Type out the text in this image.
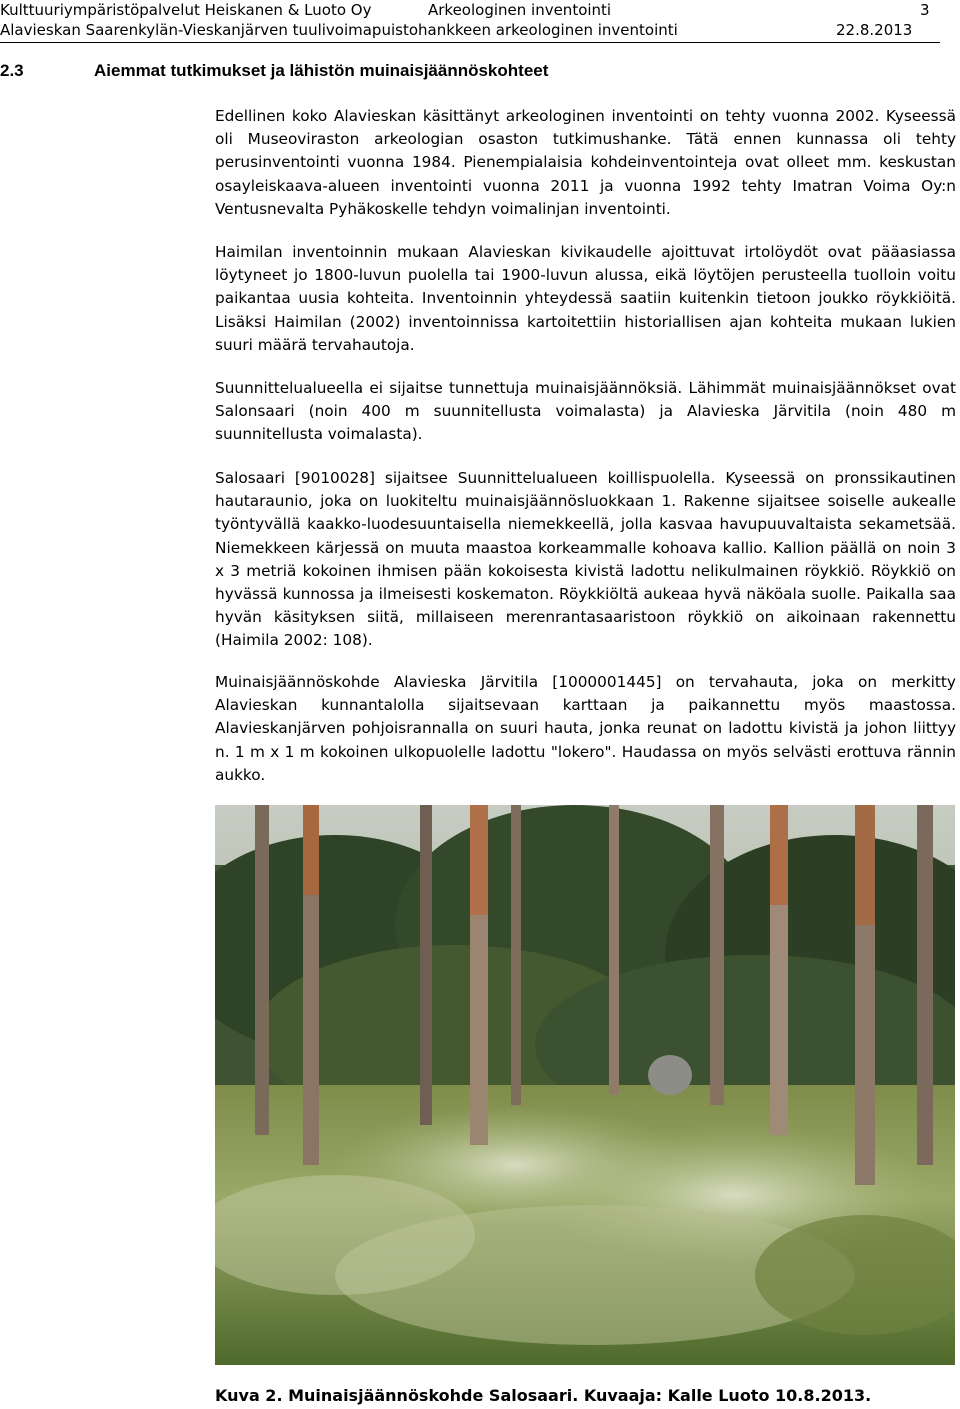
Kulttuuriympäristöpalvelut Heiskanen & Luoto Oy	Arkeologinen inventointi	3
Alavieskan Saarenkylän-Vieskanjärven tuulivoimapuistohankkeen arkeologinen inventointi	22.8.2013
2.3	Aiemmat tutkimukset ja lähistön muinaisjäännöskohteet

Edellinen koko Alavieskan käsittänyt arkeologinen inventointi on tehty vuonna 2002. Kyseessä oli Museoviraston arkeologian osaston tutkimushanke. Tätä ennen kunnassa oli tehty perusinventointi vuonna 1984. Pienempialaisia kohdeinventointeja ovat olleet mm. keskustan osayleiskaava-alueen inventointi vuonna 2011 ja vuonna 1992 tehty Imatran Voima Oy:n Ventusnevalta Pyhäkoskelle tehdyn voimalinjan inventointi.

Haimilan inventoinnin mukaan Alavieskan kivikaudelle ajoittuvat irtolöydöt ovat pääasiassa löytyneet jo 1800-luvun puolella tai 1900-luvun alussa, eikä löytöjen perusteella tuolloin voitu paikantaa uusia kohteita. Inventoinnin yhteydessä saatiin kuitenkin tietoon joukko röykkiöitä. Lisäksi Haimilan (2002) inventoinnissa kartoitettiin historiallisen ajan kohteita mukaan lukien suuri määrä tervahautoja.

Suunnittelualueella ei sijaitse tunnettuja muinaisjäännöksiä. Lähimmät muinaisjäännökset ovat Salonsaari (noin 400 m suunnitellusta voimalasta) ja Alavieska Järvitila (noin 480 m suunnitellusta voimalasta).

Salosaari [9010028] sijaitsee Suunnittelualueen koillispuolella. Kyseessä on pronssikautinen hautaraunio, joka on luokiteltu muinaisjäännösluokkaan 1. Rakenne sijaitsee soiselle aukealle työntyvällä kaakko-luodesuuntaisella niemekkeellä, jolla kasvaa havupuuvaltaista sekametsää. Niemekkeen kärjessä on muuta maastoa korkeammalle kohoava kallio. Kallion päällä on noin 3 x 3 metriä kokoinen ihmisen pään kokoisesta kivistä ladottu nelikulmainen röykkiö. Röykkiö on hyvässä kunnossa ja ilmeisesti koskematon. Röykkiöltä aukeaa hyvä näköala suolle. Paikalla saa hyvän käsityksen siitä, millaiseen merenrantasaaristoon röykkiö on aikoinaan rakennettu (Haimila 2002: 108).

Muinaisjäännöskohde Alavieska Järvitila [1000001445] on tervahauta, joka on merkitty Alavieskan kunnantalolla sijaitsevaan karttaan ja paikannettu myös maastossa. Alavieskanjärven pohjoisrannalla on suuri hauta, jonka reunat on ladottu kivistä ja johon liittyy n. 1 m x 1 m kokoinen ulkopuolelle ladottu "lokero". Haudassa on myös selvästi erottuva rännin aukko.

Kuva 2. Muinaisjäännöskohde Salosaari. Kuvaaja: Kalle Luoto 10.8.2013.
